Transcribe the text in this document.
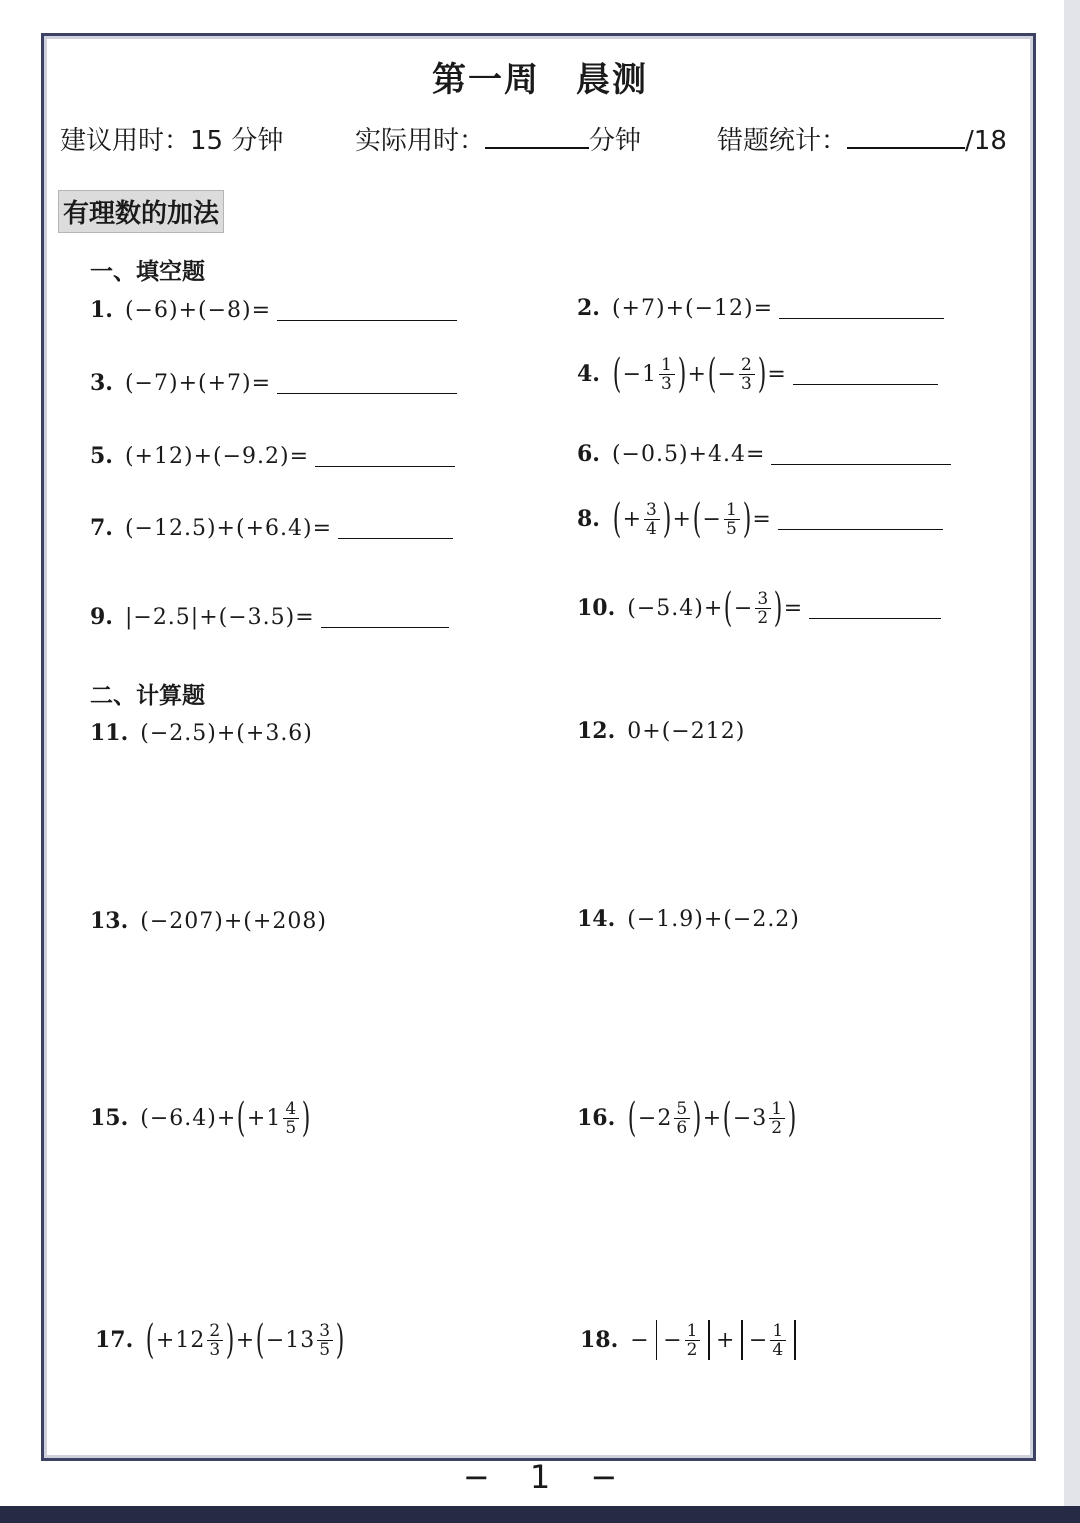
第一周　晨测
建议用时：15 分钟	实际用时：	分钟	错题统计：	/18
有理数的加法
一、填空题
1. (−6)+(−8)=	2. (+7)+(−12)=
3. (−7)+(+7)=	4. ( $-1 \frac{1}{3}$ ) + ( − $\frac{2}{3}$ ) =
5. (+12)+(−9.2)=	6. (−0.5)+4.4=
7. (−12.5)+(+6.4)=	8. ( + $\frac{3}{4}$ ) + ( − $\frac{1}{5}$ ) =
9. |−2.5|+(−3.5)=	10. (−5.4)+ ( − $\frac{3}{2}$ ) =
二、计算题
11. (−2.5)+(+3.6)	12. 0+(−212)
13. (−207)+(+208)	14. (−1.9)+(−2.2)
15. (−6.4)+ ( $+1 \frac{4}{5}$ )	16. ( $-2 \frac{5}{6}$ ) + ( $-3 \frac{1}{2}$ )
17. ( $+12 \frac{2}{3}$ ) + ( $-13 \frac{3}{5}$ )	18. − − $\frac{1}{2}$ + − $\frac{1}{4}$
− 1 −
